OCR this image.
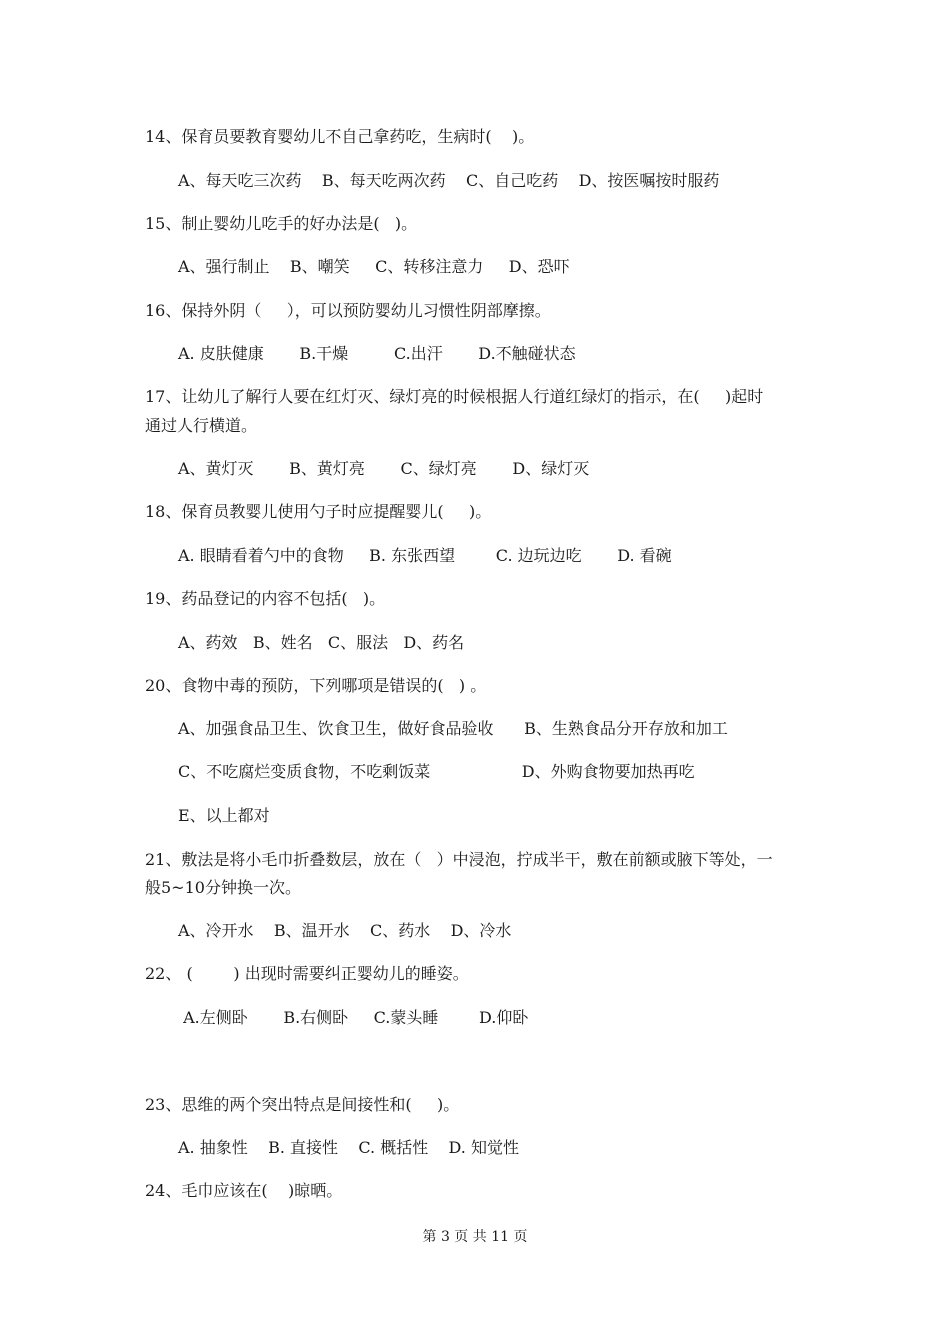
14、保育员要教育婴幼儿不自己拿药吃，生病时(    )。
A、每天吃三次药    B、每天吃两次药    C、自己吃药    D、按医嘱按时服药
15、制止婴幼儿吃手的好办法是(   )。
A、强行制止    B、嘲笑     C、转移注意力     D、恐吓
16、保持外阴（     ），可以预防婴幼儿习惯性阴部摩擦。
A. 皮肤健康       B.干燥         C.出汗       D.不触碰状态
17、让幼儿了解行人要在红灯灭、绿灯亮的时候根据人行道红绿灯的指示，在(     )起时
通过人行横道。
A、黄灯灭       B、黄灯亮       C、绿灯亮       D、绿灯灭
18、保育员教婴儿使用勺子时应提醒婴儿(     )。
A. 眼睛看着勺中的食物     B. 东张西望        C. 边玩边吃       D. 看碗
19、药品登记的内容不包括(   )。
A、药效   B、姓名   C、服法   D、药名
20、食物中毒的预防，下列哪项是错误的(   ) 。
A、加强食品卫生、饮食卫生，做好食品验收      B、生熟食品分开存放和加工
C、不吃腐烂变质食物，不吃剩饭菜                  D、外购食物要加热再吃
E、以上都对
21、敷法是将小毛巾折叠数层，放在（   ）中浸泡，拧成半干，敷在前额或腋下等处，一
般5~10分钟换一次。
A、冷开水    B、温开水    C、药水    D、冷水
22、 (        ) 出现时需要纠正婴幼儿的睡姿。
A.左侧卧       B.右侧卧     C.蒙头睡        D.仰卧
23、思维的两个突出特点是间接性和(     )。
A. 抽象性    B. 直接性    C. 概括性    D. 知觉性
24、毛巾应该在(    )晾晒。
第 3 页 共 11 页
